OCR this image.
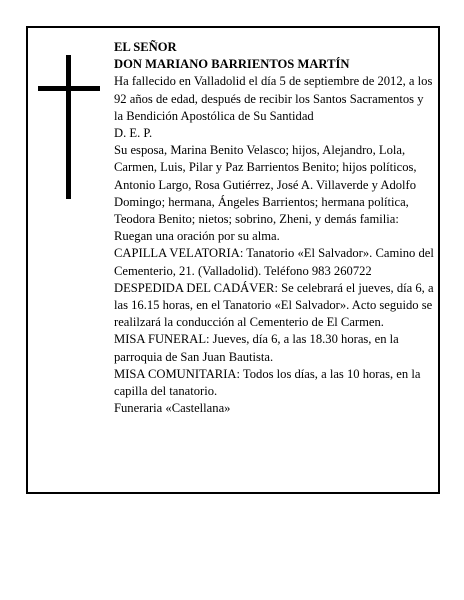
EL SEÑOR

DON MARIANO BARRIENTOS MARTÍN

Ha fallecido en Valladolid el día 5 de septiembre de 2012, a los 92 años de edad, después de recibir los Santos Sacramentos y la Bendición Apostólica de Su Santidad

D. E. P.

Su esposa, Marina Benito Velasco; hijos, Alejandro, Lola, Carmen, Luis, Pilar y Paz Barrientos Benito; hijos políticos, Antonio Largo, Rosa Gutiérrez, José A. Villaverde y Adolfo Domingo; hermana, Ángeles Barrientos; hermana política, Teodora Benito; nietos; sobrino, Zheni, y demás familia:

Ruegan una oración por su alma.

CAPILLA VELATORIA: Tanatorio «El Salvador». Camino del Cementerio, 21. (Valladolid). Teléfono 983 260722

DESPEDIDA DEL CADÁVER: Se celebrará el jueves, día 6, a las 16.15 horas, en el Tanatorio «El Salvador». Acto seguido se realilzará la conducción al Cementerio de El Carmen.

MISA FUNERAL: Jueves, día 6, a las 18.30 horas, en la parroquia de San Juan Bautista.

MISA COMUNITARIA: Todos los días, a las 10 horas, en la capilla del tanatorio.

Funeraria «Castellana»
